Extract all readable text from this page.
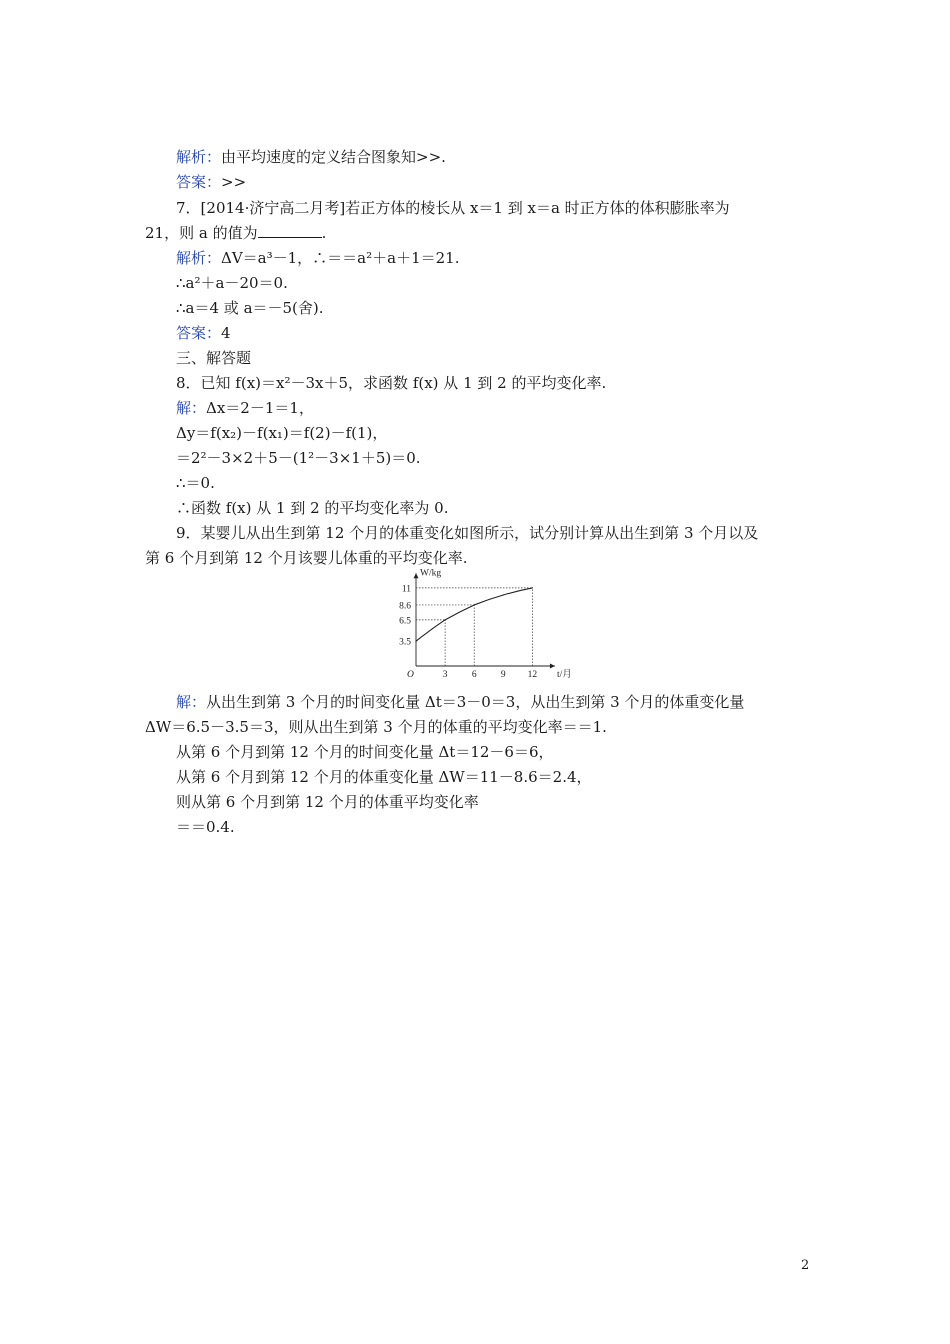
解析：由平均速度的定义结合图象知>>.
答案：>>
7．[2014·济宁高二月考]若正方体的棱长从 x＝1 到 x＝a 时正方体的体积膨胀率为
21，则 a 的值为	.
解析：ΔV＝a³－1，∴＝＝a²＋a＋1＝21.
∴a²＋a－20＝0.
∴a＝4 或 a＝－5(舍).
答案：4
三、解答题
8．已知 f(x)＝x²－3x＋5，求函数 f(x) 从 1 到 2 的平均变化率.
解：Δx＝2－1＝1，
Δy＝f(x₂)－f(x₁)＝f(2)－f(1)，
＝2²－3×2＋5－(1²－3×1＋5)＝0.
∴＝0.
∴函数 f(x) 从 1 到 2 的平均变化率为 0.
9．某婴儿从出生到第 12 个月的体重变化如图所示，试分别计算从出生到第 3 个月以及
第 6 个月到第 12 个月该婴儿体重的平均变化率.
3	6	9 12
3.5
6.5
8.6
11
O	t/月
W/kg
解：从出生到第 3 个月的时间变化量 Δt＝3－0＝3，从出生到第 3 个月的体重变化量
ΔW＝6.5－3.5＝3，则从出生到第 3 个月的体重的平均变化率＝＝1.
从第 6 个月到第 12 个月的时间变化量 Δt＝12－6＝6，
从第 6 个月到第 12 个月的体重变化量 ΔW＝11－8.6＝2.4，
则从第 6 个月到第 12 个月的体重平均变化率
＝＝0.4.
2
